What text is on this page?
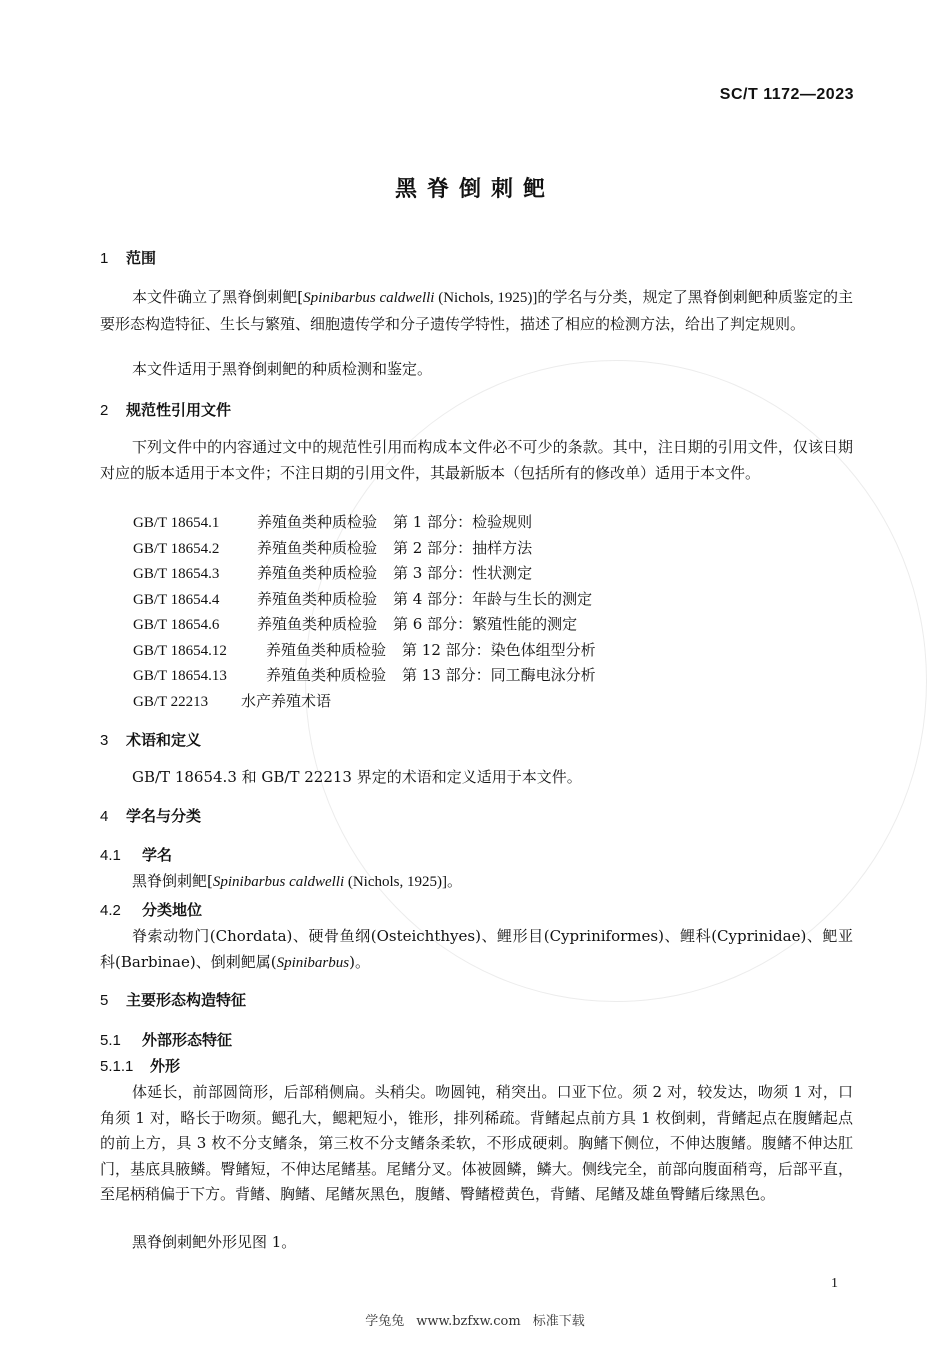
SC/T 1172—2023
黑脊倒刺鲃
1 范围
本文件确立了黑脊倒刺鲃[Spinibarbus caldwelli (Nichols, 1925)]的学名与分类，规定了黑脊倒刺鲃种质鉴定的主要形态构造特征、生长与繁殖、细胞遗传学和分子遗传学特性，描述了相应的检测方法，给出了判定规则。
本文件适用于黑脊倒刺鲃的种质检测和鉴定。
2 规范性引用文件
下列文件中的内容通过文中的规范性引用而构成本文件必不可少的条款。其中，注日期的引用文件，仅该日期对应的版本适用于本文件；不注日期的引用文件，其最新版本（包括所有的修改单）适用于本文件。
GB/T 18654.1	养殖鱼类种质检验 第 1 部分：检验规则
GB/T 18654.2	养殖鱼类种质检验 第 2 部分：抽样方法
GB/T 18654.3	养殖鱼类种质检验 第 3 部分：性状测定
GB/T 18654.4	养殖鱼类种质检验 第 4 部分：年龄与生长的测定
GB/T 18654.6	养殖鱼类种质检验 第 6 部分：繁殖性能的测定
GB/T 18654.12	养殖鱼类种质检验 第 12 部分：染色体组型分析
GB/T 18654.13	养殖鱼类种质检验 第 13 部分：同工酶电泳分析
GB/T 22213 水产养殖术语
3 术语和定义
GB/T 18654.3 和 GB/T 22213 界定的术语和定义适用于本文件。
4 学名与分类
4.1 学名
黑脊倒刺鲃[Spinibarbus caldwelli (Nichols, 1925)]。
4.2 分类地位
脊索动物门(Chordata)、硬骨鱼纲(Osteichthyes)、鲤形目(Cypriniformes)、鲤科(Cyprinidae)、鲃亚科(Barbinae)、倒刺鲃属(Spinibarbus)。
5 主要形态构造特征
5.1 外部形态特征
5.1.1 外形
体延长，前部圆筒形，后部稍侧扁。头稍尖。吻圆钝，稍突出。口亚下位。须 2 对，较发达，吻须 1 对，口角须 1 对，略长于吻须。鳃孔大，鳃耙短小，锥形，排列稀疏。背鳍起点前方具 1 枚倒刺，背鳍起点在腹鳍起点的前上方，具 3 枚不分支鳍条，第三枚不分支鳍条柔软，不形成硬刺。胸鳍下侧位，不伸达腹鳍。腹鳍不伸达肛门，基底具腋鳞。臀鳍短，不伸达尾鳍基。尾鳍分叉。体被圆鳞，鳞大。侧线完全，前部向腹面稍弯，后部平直，至尾柄稍偏于下方。背鳍、胸鳍、尾鳍灰黑色，腹鳍、臀鳍橙黄色，背鳍、尾鳍及雄鱼臀鳍后缘黑色。
黑脊倒刺鲃外形见图 1。
1
学兔兔 www.bzfxw.com 标准下载
